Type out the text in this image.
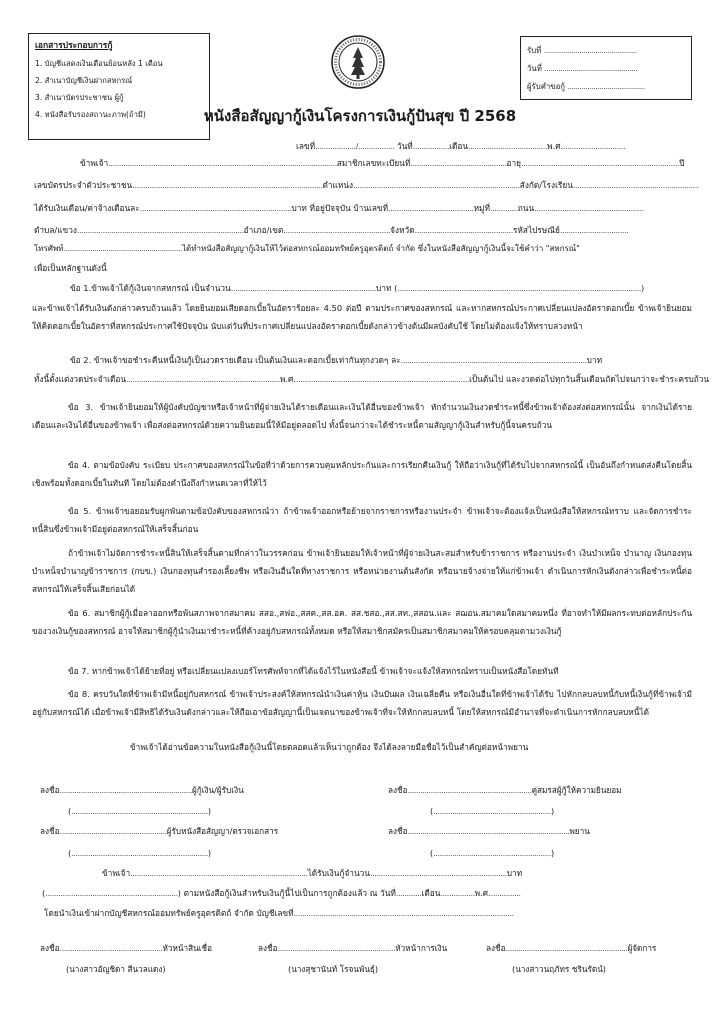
เอกสารประกอบการกู้
1. บัญชีแสดงเงินเดือนย้อนหลัง 1 เดือน
2. สำเนาบัญชีเงินฝากสหกรณ์
3. สำเนาบัตรประชาชน ผู้กู้
4. หนังสือรับรองสถานะภาพ(ถ้ามี)
รับที่ ...............................................
วันที่ ...............................................
ผู้รับคำขอกู้ .......................................
หนังสือสัญญากู้เงินโครงการเงินกู้ปันสุข ปี 2568
เลขที่.................../................. วันที่.................เดือน.....................................พ.ศ..............................
ข้าพเจ้า...........................................................................................................สมาชิกเลขทะเบียนที่.............................................อายุ..........................................................................ปี
เลขบัตรประจำตัวประชาชน.........................................................................................ตำแหน่ง..............................................................................สังกัด/โรงเรียน...........................................................
ได้รับเงินเดือน/ค่าจ้างเดือนละ.......................................................................บาท ที่อยู่ปัจจุบัน บ้านเลขที่........................................หมู่ที่.............ถนน...................................................
ตำบล/แขวง..............................................................................อำเภอ/เขต..................................................จังหวัด..............................................รหัสไปรษณีย์................................
โทรศัพท์..........................................................ได้ทำหนังสือสัญญากู้เงินให้ไว้ต่อสหกรณ์ออมทรัพย์ครูอุตรดิตถ์ จำกัด ซึ่งในหนังสือสัญญากู้เงินนี้จะใช้คำว่า "สหกรณ์"
เพื่อเป็นหลักฐานดังนี้
ข้อ 1.ข้าพเจ้าได้กู้เงินจากสหกรณ์ เป็นจำนวน....................................................................บาท (..................................................................................................................)
และข้าพเจ้าได้รับเงินดังกล่าวครบถ้วนแล้ว โดยยินยอมเสียดอกเบี้ยในอัตราร้อยละ 4.50 ต่อปี ตามประกาศของสหกรณ์ และหากสหกรณ์ประกาศเปลี่ยนแปลงอัตราดอกเบี้ย ข้าพเจ้ายินยอมให้คิดดอกเบี้ยในอัตราที่สหกรณ์ประกาศใช้ปัจจุบัน นับแต่วันที่ประกาศเปลี่ยนแปลงอัตราดอกเบี้ยดังกล่าวข้างต้นมีผลบังคับใช้ โดยไม่ต้องแจ้งให้ทราบล่วงหน้า
ข้อ 2. ข้าพเจ้าขอชำระคืนหนี้เงินกู้เป็นงวดรายเดือน เป็นต้นเงินและดอกเบี้ยเท่ากันทุกงวดๆ ละ.......................................................................................บาท
ทั้งนี้ตั้งแต่งวดประจำเดือน........................................................................พ.ศ..................................................................................เป็นต้นไป และงวดต่อไปทุกวันสิ้นเดือนถัดไปจนกว่าจะชำระครบถ้วน
ข้อ 3. ข้าพเจ้ายินยอมให้ผู้บังคับบัญชาหรือเจ้าหน้าที่ผู้จ่ายเงินได้รายเดือนและเงินได้อื่นของข้าพเจ้า หักจำนวนเงินงวดชำระหนี้ซึ่งข้าพเจ้าต้องส่งต่อสหกรณ์นั้น จากเงินได้รายเดือนและเงินได้อื่นของข้าพเจ้า เพื่อส่งต่อสหกรณ์ด้วยความยินยอมนี้ให้มีอยู่ตลอดไป ทั้งนี้จนกว่าจะได้ชำระหนี้ตามสัญญากู้เงินสำหรับกู้นี้จนครบถ้วน
ข้อ 4. ตามข้อบังคับ ระเบียบ ประกาศของสหกรณ์ในข้อที่ว่าด้วยการควบคุมหลักประกันและการเรียกคืนเงินกู้ ให้ถือว่าเงินกู้ที่ได้รับไปจากสหกรณ์นี้ เป็นอันถึงกำหนดส่งคืนโดยสิ้นเชิงพร้อมทั้งดอกเบี้ยในทันที โดยไม่ต้องคำนึงถึงกำหนดเวลาที่ให้ไว้
ข้อ 5. ข้าพเจ้าขอยอมรับผูกพันตามข้อบังคับของสหกรณ์ว่า ถ้าข้าพเจ้าออกหรือย้ายจากราชการหรืองานประจำ ข้าพเจ้าจะต้องแจ้งเป็นหนังสือให้สหกรณ์ทราบ และจัดการชำระหนี้สินซึ่งข้าพเจ้ามีอยู่ต่อสหกรณ์ให้เสร็จสิ้นก่อน
ถ้าข้าพเจ้าไม่จัดการชำระหนี้สินให้เสร็จสิ้นตามที่กล่าวในวรรคก่อน ข้าพเจ้ายินยอมให้เจ้าหน้าที่ผู้จ่ายเงินสะสมสำหรับข้าราชการ หรืองานประจำ เงินบำเหน็จ บำนาญ เงินกองทุนบำเหน็จบำนาญข้าราชการ (กบข.) เงินกองทุนสำรองเลี้ยงชีพ หรือเงินอื่นใดที่ทางราชการ หรือหน่วยงานต้นสังกัด หรือนายจ้างจ่ายให้แก่ข้าพเจ้า ดำเนินการหักเงินดังกล่าวเพื่อชำระหนี้ต่อสหกรณ์ให้เสร็จสิ้นเสียก่อนได้
ข้อ 6. สมาชิกผู้กู้เมื่อลาออกหรือพ้นสภาพจากสมาคม สสอ.,สฟอ.,สสค.,สส.อค. สส.ชสอ.,สส.สท.,สสอน.และ สฌอน.สมาคมใดสมาคมหนึ่ง ที่อาจทำให้มีผลกระทบต่อหลักประกันของวงเงินกู้ของสหกรณ์ อาจให้สมาชิกผู้กู้นำเงินมาชำระหนี้ที่ค้างอยู่กับสหกรณ์ทั้งหมด หรือให้สมาชิกสมัครเป็นสมาชิกสมาคมให้ครอบคลุมตามวงเงินกู้
ข้อ 7. หากข้าพเจ้าได้ย้ายที่อยู่ หรือเปลี่ยนแปลงเบอร์โทรศัพท์จากที่ได้แจ้งไว้ในหนังสือนี้ ข้าพเจ้าจะแจ้งให้สหกรณ์ทราบเป็นหนังสือโดยทันที
ข้อ 8. ครบวันใดที่ข้าพเจ้ามีหนี้อยู่กับสหกรณ์ ข้าพเจ้าประสงค์ให้สหกรณ์นำเงินค่าหุ้น เงินปันผล เงินเฉลี่ยคืน หรือเงินอื่นใดที่ข้าพเจ้าได้รับ ไปหักกลบลบหนี้กับหนี้เงินกู้ที่ข้าพเจ้ามีอยู่กับสหกรณ์ได้ เมื่อข้าพเจ้ามีสิทธิได้รับเงินดังกล่าวและให้ถือเอาข้อสัญญานี้เป็นเจตนาของข้าพเจ้าที่จะให้หักกลบลบหนี้ โดยให้สหกรณ์มีอำนาจที่จะดำเนินการหักกลบลบหนี้ได้
ข้าพเจ้าได้อ่านข้อความในหนังสือกู้เงินนี้โดยตลอดแล้วเห็นว่าถูกต้อง จึงได้ลงลายมือชื่อไว้เป็นสำคัญต่อหน้าพยาน
ลงชื่อ...............................................................ผู้กู้เงิน/ผู้รับเงิน
(.................................................................)
ลงชื่อ...........................................................คู่สมรสผู้กู้ให้ความยินยอม
(........................................................)
ลงชื่อ...................................................ผู้รับหนังสือสัญญา/ตรวจเอกสาร
(.................................................................)
ลงชื่อ.............................................................................พยาน
(........................................................)
ข้าพเจ้า...................................................................................ได้รับเงินกู้จำนวน................................................................บาท
(..............................................................) ตามหนังสือกู้เงินสำหรับเงินกู้นี้ไปเป็นการถูกต้องแล้ว ณ วันที่............เดือน................พ.ศ...............
โดยนำเงินเข้าฝากบัญชีสหกรณ์ออมทรัพย์ครูอุตรดิตถ์ จำกัด บัญชีเลขที่.......................................................................................................
ลงชื่อ.................................................หัวหน้าสินเชื่อ
(นางสาวอัญชิดา สีนวลแดง)
ลงชื่อ........................................................หัวหน้าการเงิน
(นางสุชานันท์ โรจนพันธุ์)
ลงชื่อ..........................................................ผู้จัดการ
(นางสาวนฤภัทร ชรินรัตน์)
